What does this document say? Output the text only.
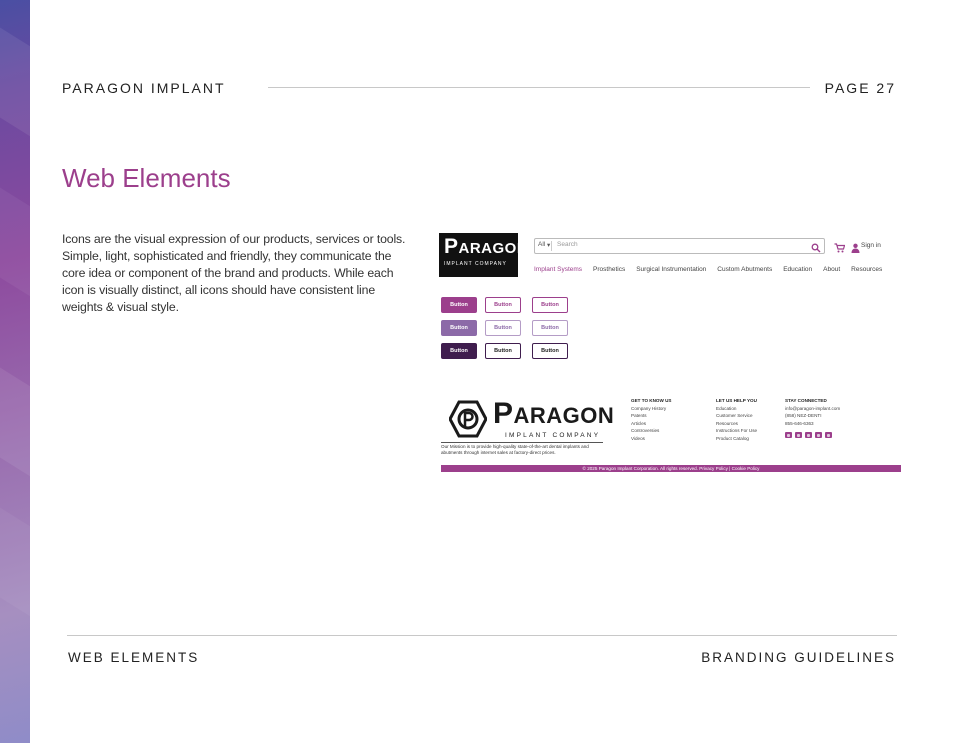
PARAGON IMPLANT	PAGE 27
Web Elements
Icons are the visual expression of our products, services or tools. Simple, light, sophisticated and friendly, they communicate the core idea or component of the brand and products. While each icon is visually distinct, all icons should have consistent line weights & visual style.
PARAGON
IMPLANT COMPANY
All ▾ Search	Sign in
Implant Systems Prosthetics Surgical Instrumentation Custom Abutments Education About Resources
Button	Button	Button
Button	Button	Button
Button	Button	Button
PARAGON
IMPLANT COMPANY
Our Mission is to provide high-quality state-of-the-art dental implants and abutments through internet sales at factory-direct prices.
GET TO KNOW US
Company History
Patents
Articles
Controversies
Videos
LET US HELP YOU
Education
Customer Service
Resources
Instructions For Use
Product Catalog
STAY CONNECTED
info@paragon-implant.com
(858) NEZ-DENTI
855-646-6363
© 2025 Paragon Implant Corporation. All rights reserved. Privacy Policy | Cookie Policy
WEB ELEMENTS	BRANDING GUIDELINES
